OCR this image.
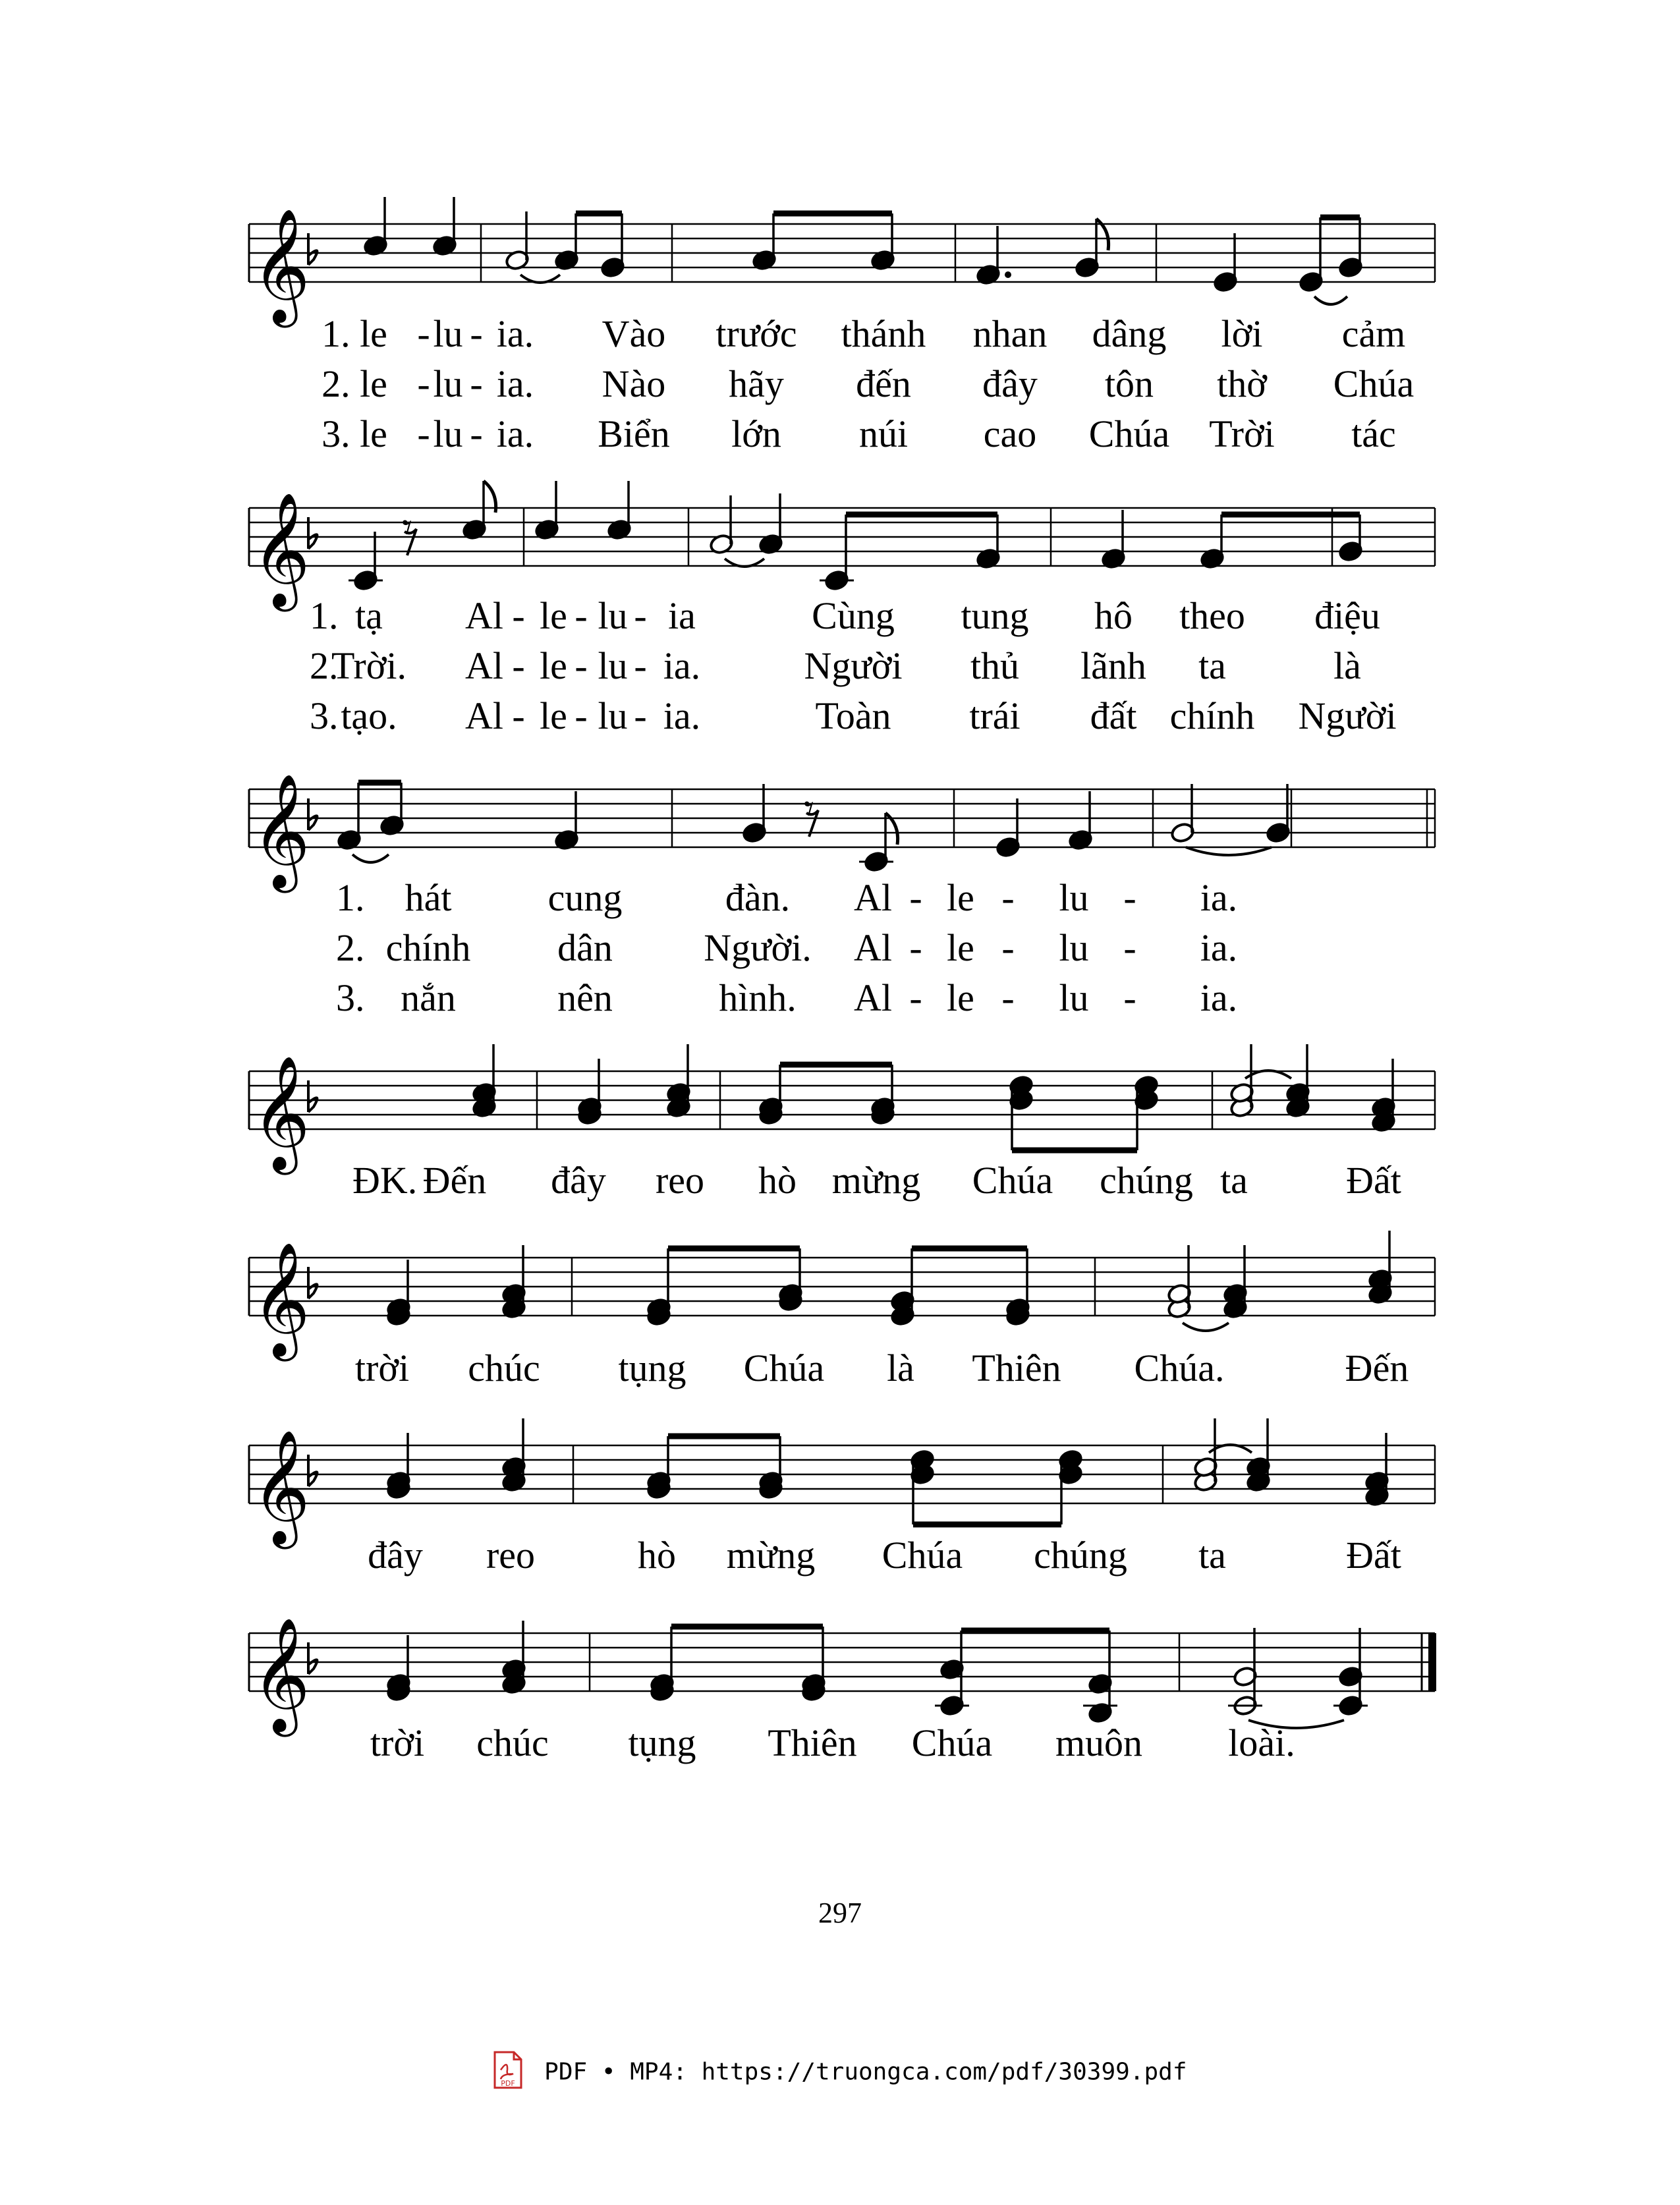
𝄞
𝄞
𝄞
𝄞
𝄞
𝄞
𝄞
𝄾
𝄾
1. le - lu - ia. Vào trước thánh nhan dâng lời cảm
2. le - lu - ia. Nào hãy đến đây tôn thờ Chúa
3. le - lu - ia. Biển lớn núi cao Chúa Trời tác
1. tạ Al - le - lu - ia	Cùng tung hô theo điệu
2.
Trời. Al - le - lu - ia.	Người thủ lãnh ta	là
3. tạo. Al - le - lu - ia.	Toàn trái đất chính Người
1. hát	cung	đàn. Al - le - lu - ia.
2. chính dân Người. Al - le - lu - ia.
3. nắn	nên	hình. Al - le - lu - ia.
ĐK. Đến đây reo hò mừng Chúa chúng ta	Đất
trời chúc tụng Chúa là Thiên Chúa.	Đến
đây reo	hò mừng Chúa chúng ta	Đất
trời chúc tụng Thiên Chúa muôn loài.
297
PDF PDF • MP4: https://truongca.com/pdf/30399.pdf
